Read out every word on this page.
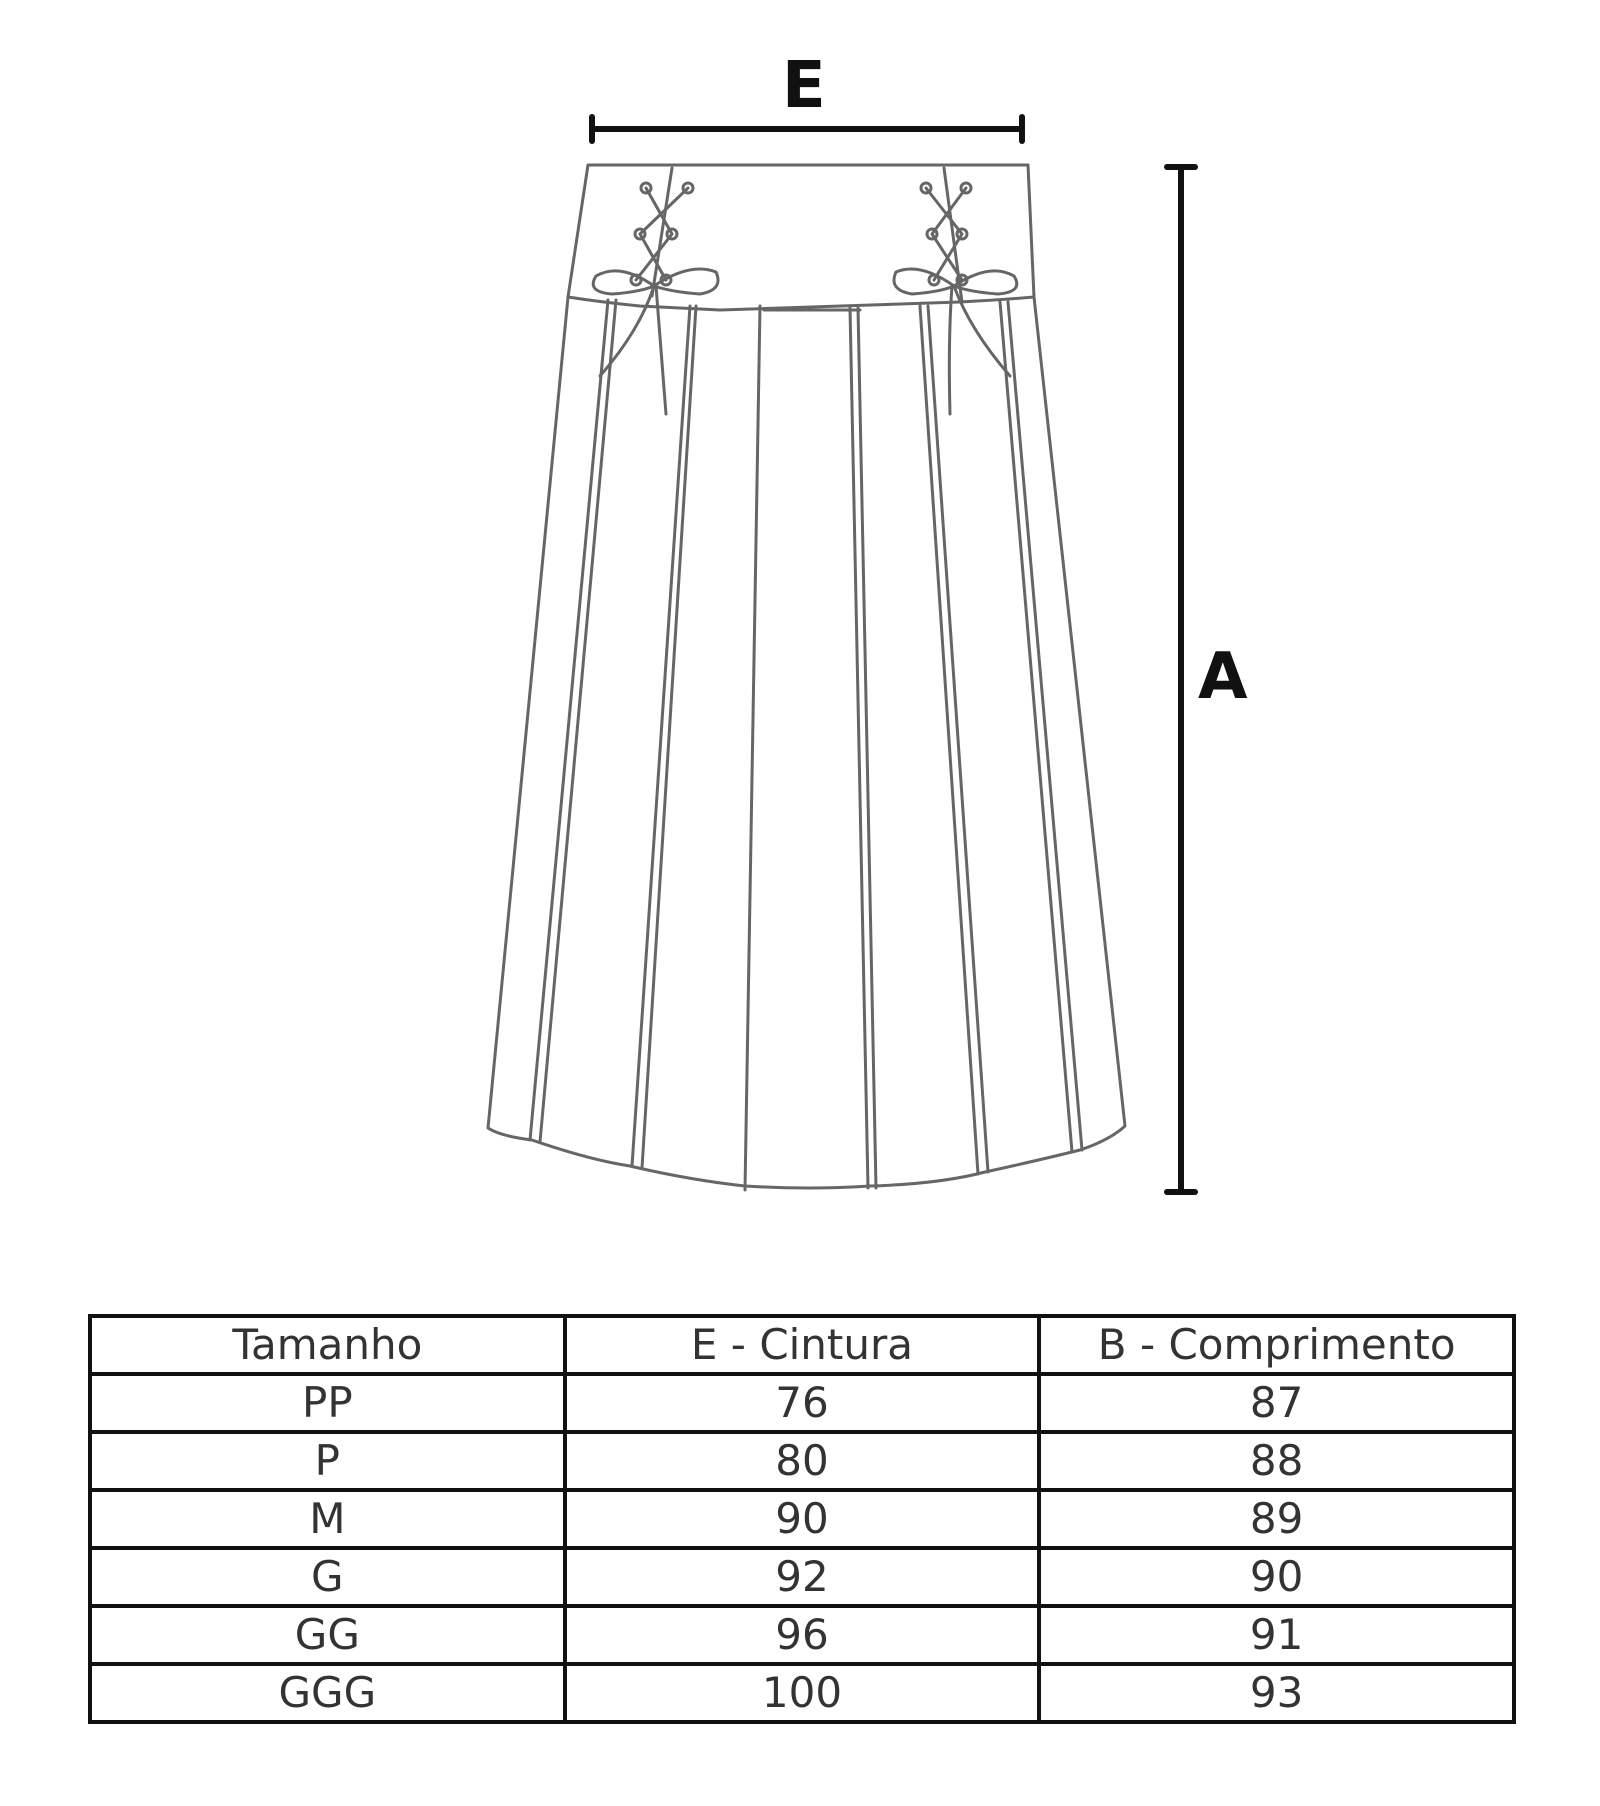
E
A
Tamanho	E - Cintura	B - Comprimento
PP	76	87
P	80	88
M	90	89
G	92	90
GG	96	91
GGG	100	93
